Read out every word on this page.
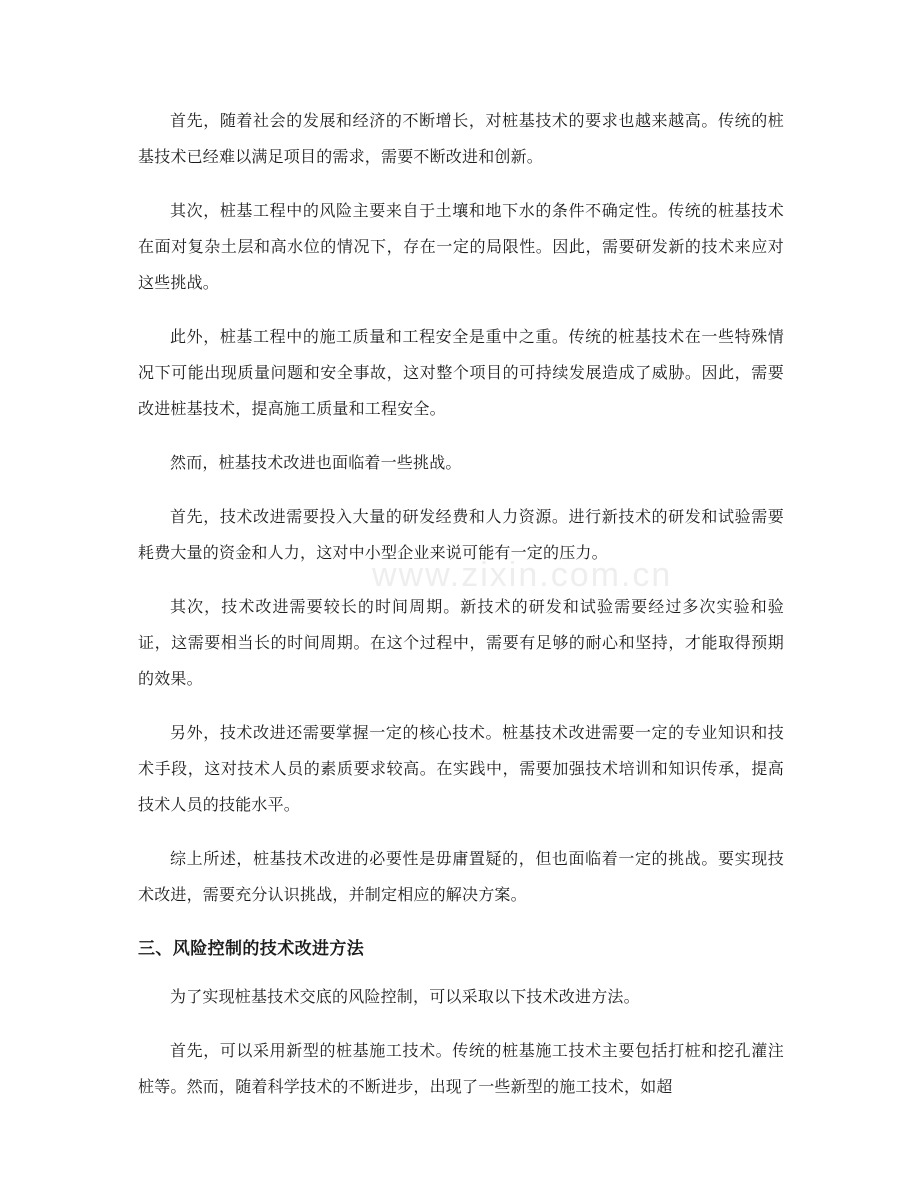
首先，随着社会的发展和经济的不断增长，对桩基技术的要求也越来越高。传统的桩基技术已经难以满足项目的需求，需要不断改进和创新。

其次，桩基工程中的风险主要来自于土壤和地下水的条件不确定性。传统的桩基技术在面对复杂土层和高水位的情况下，存在一定的局限性。因此，需要研发新的技术来应对这些挑战。

此外，桩基工程中的施工质量和工程安全是重中之重。传统的桩基技术在一些特殊情况下可能出现质量问题和安全事故，这对整个项目的可持续发展造成了威胁。因此，需要改进桩基技术，提高施工质量和工程安全。

然而，桩基技术改进也面临着一些挑战。

首先，技术改进需要投入大量的研发经费和人力资源。进行新技术的研发和试验需要耗费大量的资金和人力，这对中小型企业来说可能有一定的压力。

其次，技术改进需要较长的时间周期。新技术的研发和试验需要经过多次实验和验证，这需要相当长的时间周期。在这个过程中，需要有足够的耐心和坚持，才能取得预期的效果。

另外，技术改进还需要掌握一定的核心技术。桩基技术改进需要一定的专业知识和技术手段，这对技术人员的素质要求较高。在实践中，需要加强技术培训和知识传承，提高技术人员的技能水平。

综上所述，桩基技术改进的必要性是毋庸置疑的，但也面临着一定的挑战。要实现技术改进，需要充分认识挑战，并制定相应的解决方案。

三、风险控制的技术改进方法

为了实现桩基技术交底的风险控制，可以采取以下技术改进方法。

首先，可以采用新型的桩基施工技术。传统的桩基施工技术主要包括打桩和挖孔灌注桩等。然而，随着科学技术的不断进步，出现了一些新型的施工技术，如超

www.zixin.com.cn
